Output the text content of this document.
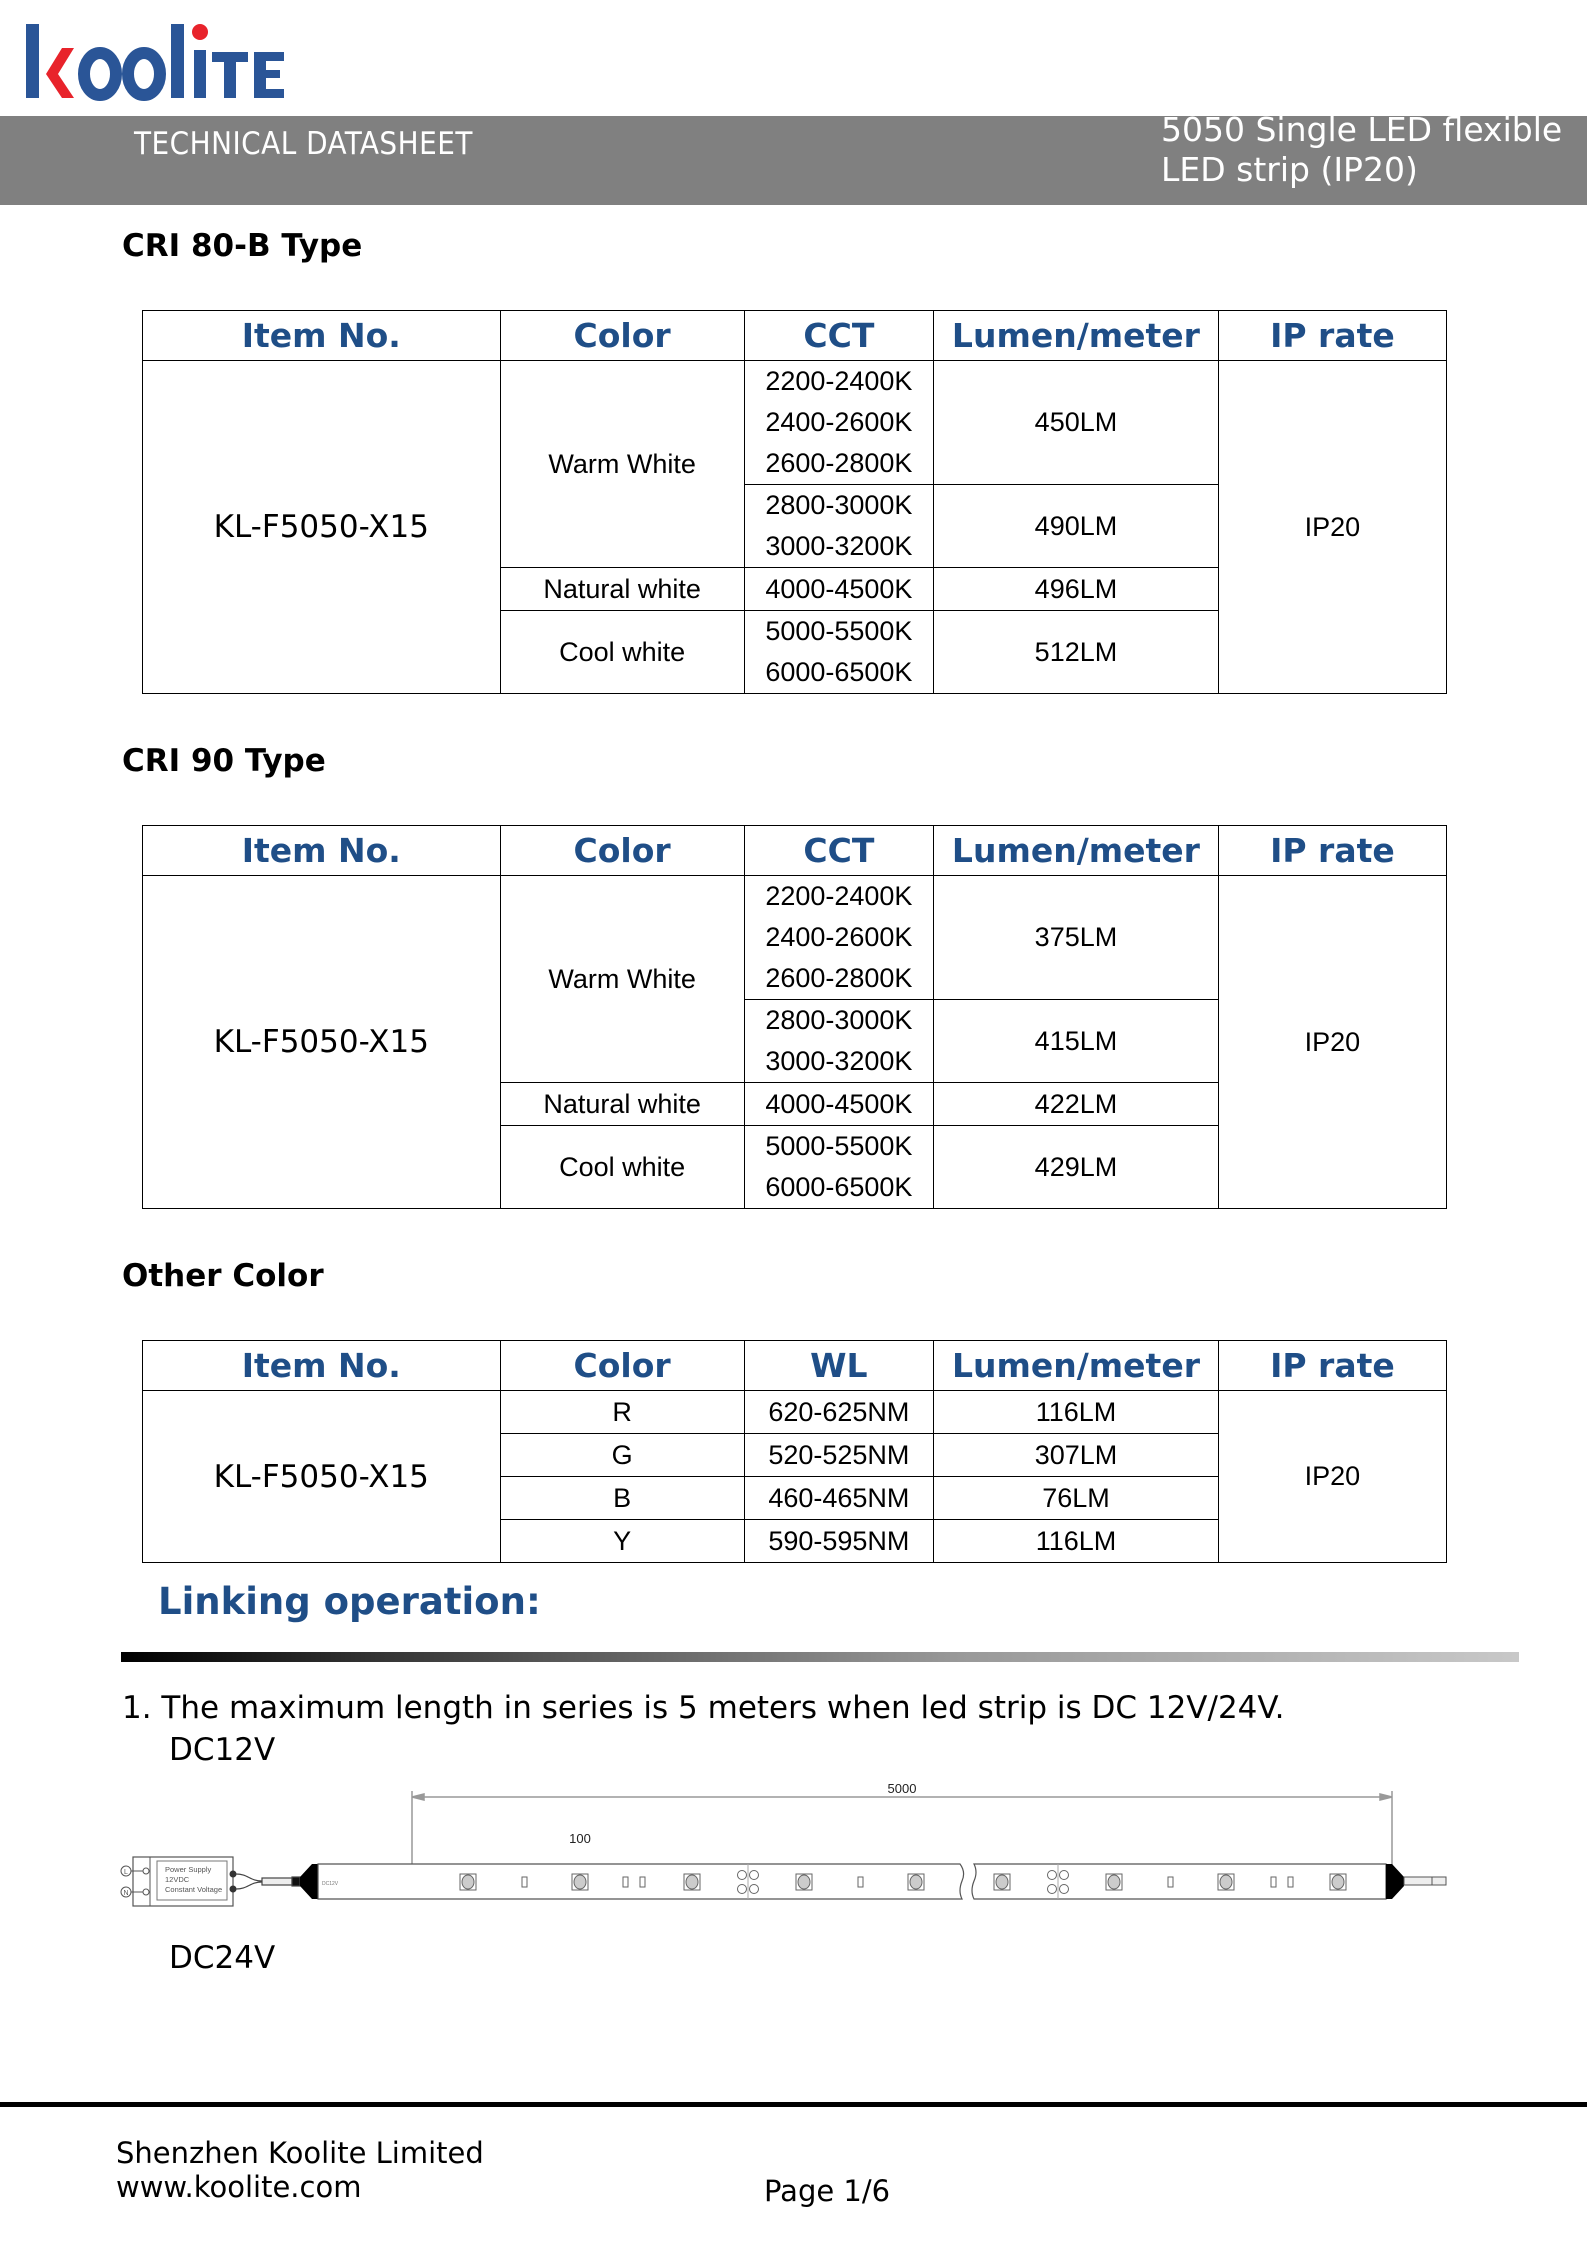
TECHNICAL DATASHEET	5050 Single LED flexible
LED strip (IP20)
CRI 80-B Type
Item No.	Color	CCT	Lumen/meter	IP rate
KL-F5050-X15	Warm White	2200-2400K	450LM	IP20
		2400-2600K		
		2600-2800K		
		2800-3000K	490LM	
		3000-3200K		
	Natural white	4000-4500K	496LM	
	Cool white	5000-5500K	512LM	
		6000-6500K		
CRI 90 Type
Item No.	Color	CCT	Lumen/meter	IP rate
KL-F5050-X15	Warm White	2200-2400K	375LM	IP20
		2400-2600K		
		2600-2800K		
		2800-3000K	415LM	
		3000-3200K		
	Natural white	4000-4500K	422LM	
	Cool white	5000-5500K	429LM	
		6000-6500K		
Other Color
Item No.	Color	WL	Lumen/meter	IP rate
KL-F5050-X15	R	620-625NM	116LM	IP20
	G	520-525NM	307LM	
	B	460-465NM	76LM	
	Y	590-595NM	116LM	
Linking operation:
1. The maximum length in series is 5 meters when led strip is DC 12V/24V.
DC12V
5000
100
Power Supply
12VDC
Constant Voltage
L
N
DC12V
DC24V
Shenzhen Koolite Limited
www.koolite.com	Page 1/6
